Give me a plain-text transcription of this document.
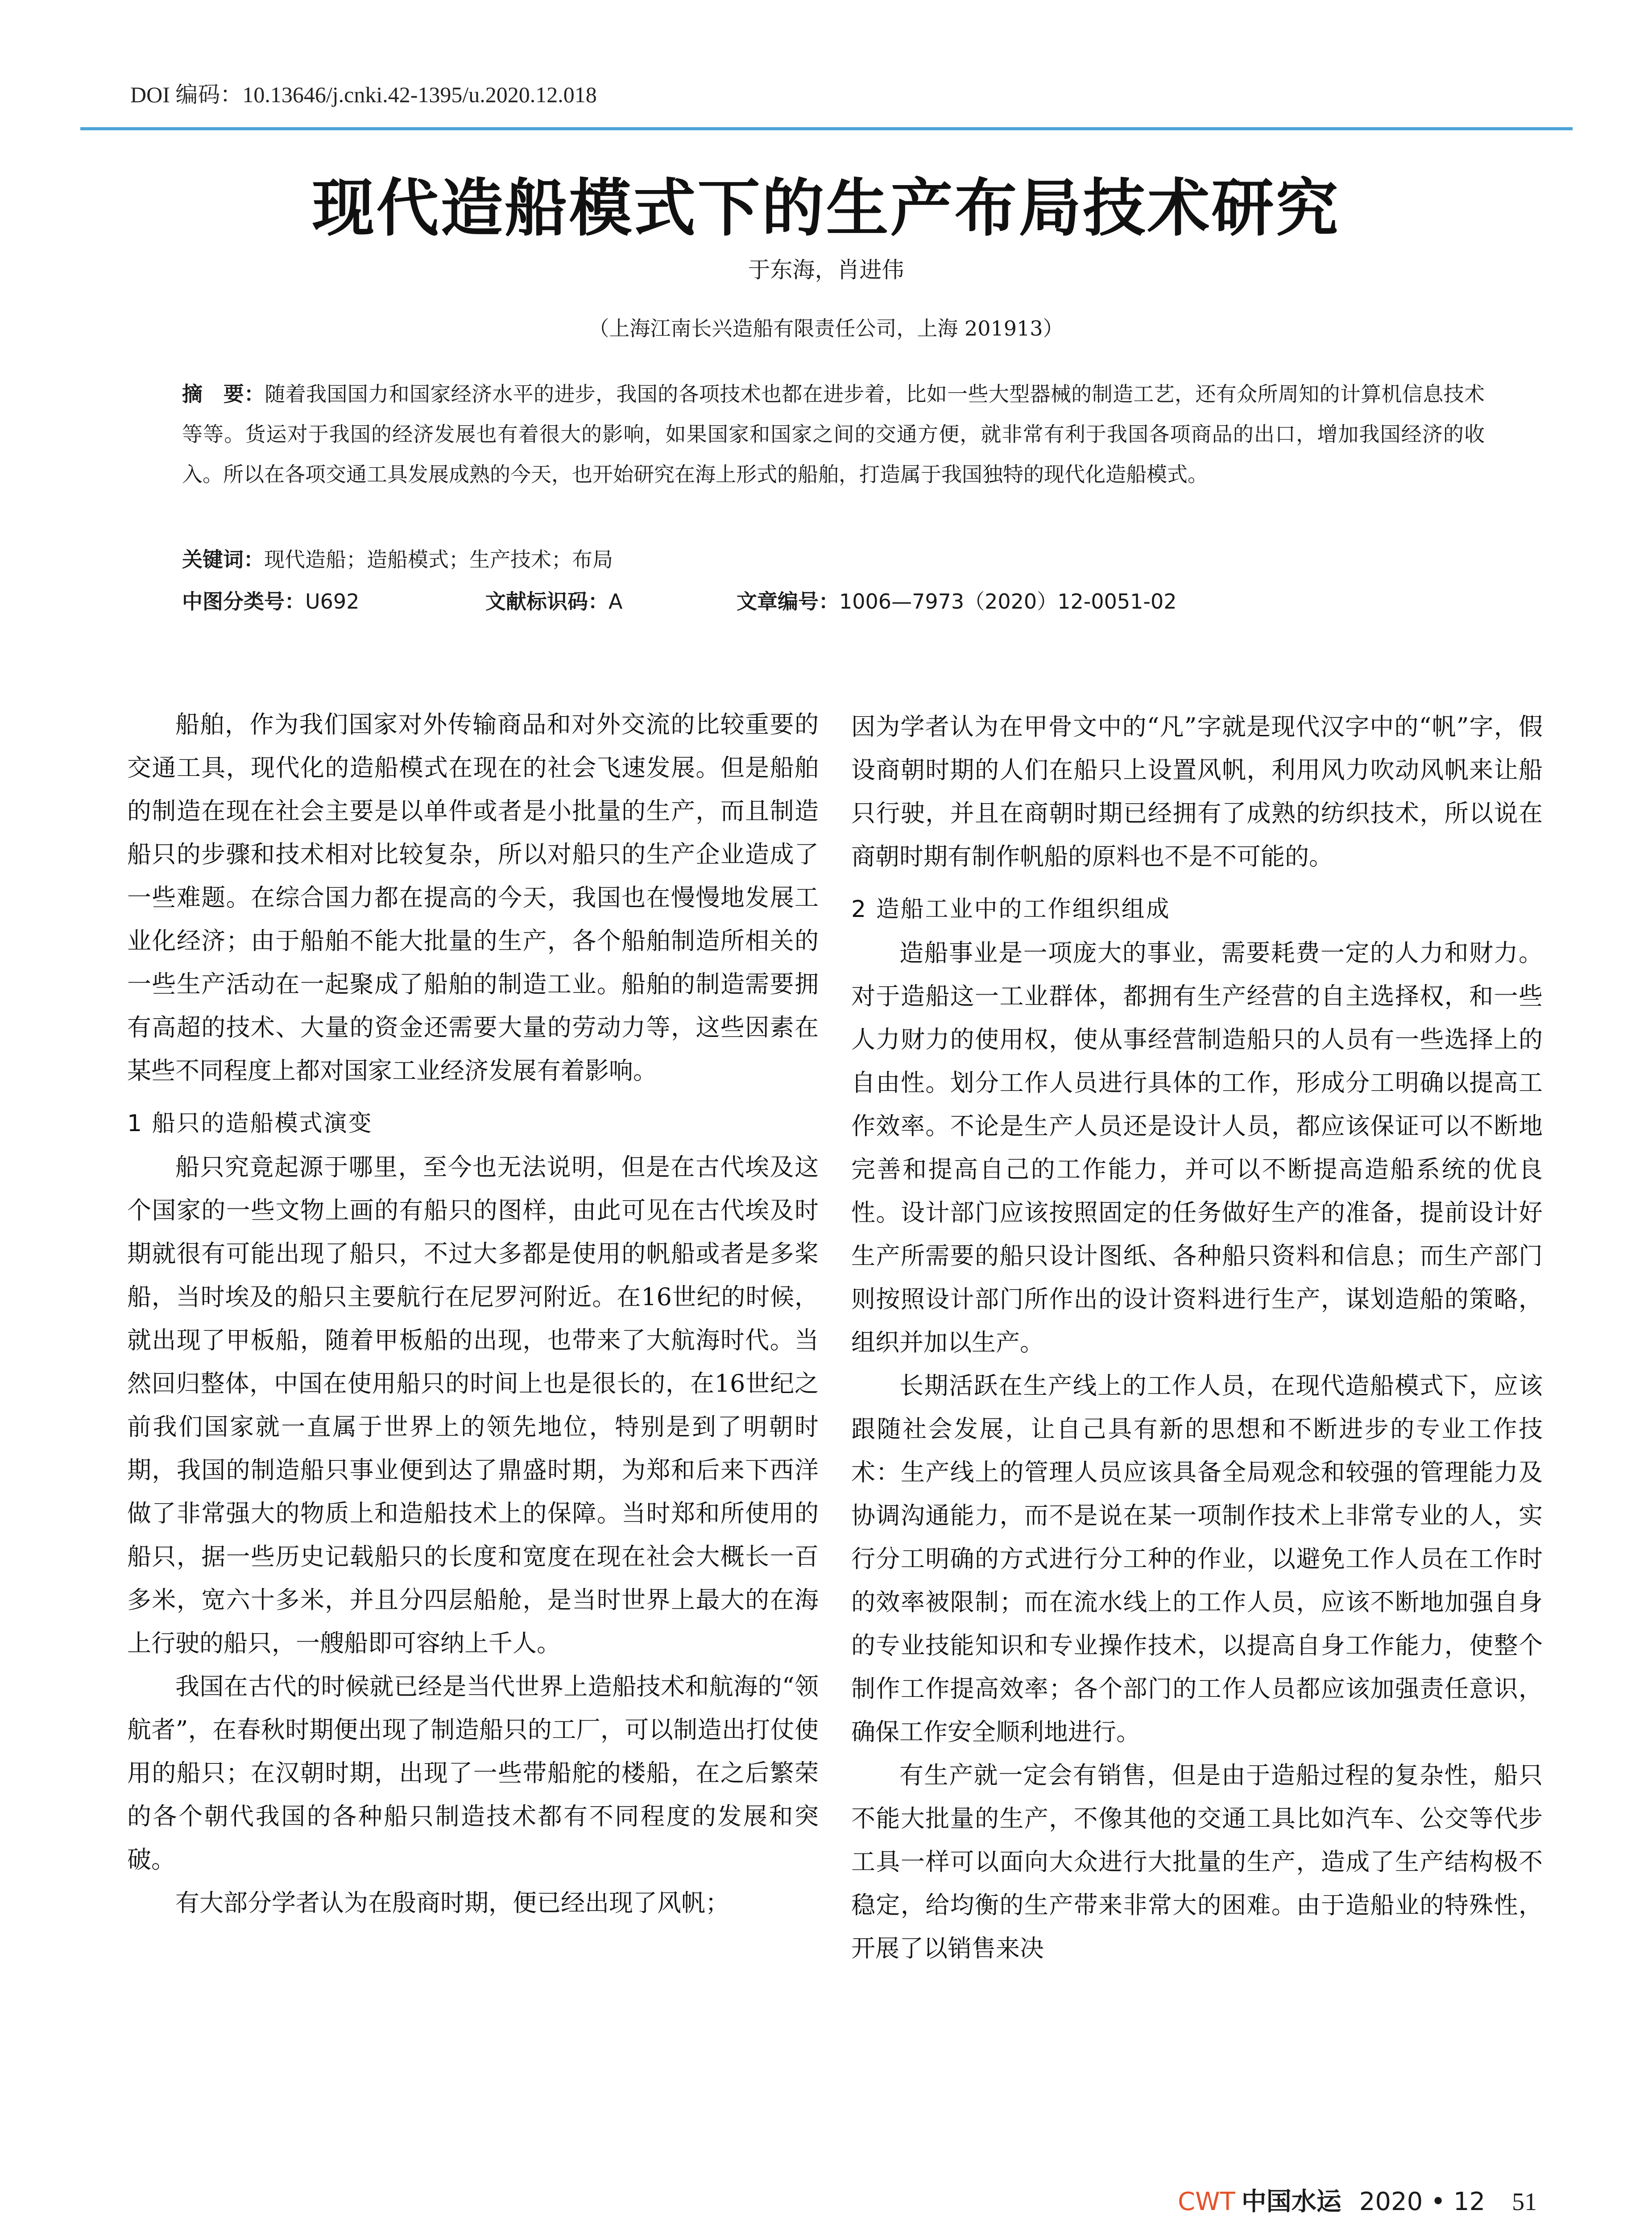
DOI 编码：10.13646/j.cnki.42-1395/u.2020.12.018
现代造船模式下的生产布局技术研究
于东海，肖进伟
（上海江南长兴造船有限责任公司，上海 201913）
摘　要：随着我国国力和国家经济水平的进步，我国的各项技术也都在进步着，比如一些大型器械的制造工艺，还有众所周知的计算机信息技术等等。货运对于我国的经济发展也有着很大的影响，如果国家和国家之间的交通方便，就非常有利于我国各项商品的出口，增加我国经济的收入。所以在各项交通工具发展成熟的今天，也开始研究在海上形式的船舶，打造属于我国独特的现代化造船模式。
关键词：现代造船；造船模式；生产技术；布局
中图分类号：U692	文献标识码：A	文章编号：1006—7973（2020）12-0051-02

船舶，作为我们国家对外传输商品和对外交流的比较重要的交通工具，现代化的造船模式在现在的社会飞速发展。但是船舶的制造在现在社会主要是以单件或者是小批量的生产，而且制造船只的步骤和技术相对比较复杂，所以对船只的生产企业造成了一些难题。在综合国力都在提高的今天，我国也在慢慢地发展工业化经济；由于船舶不能大批量的生产，各个船舶制造所相关的一些生产活动在一起聚成了船舶的制造工业。船舶的制造需要拥有高超的技术、大量的资金还需要大量的劳动力等，这些因素在某些不同程度上都对国家工业经济发展有着影响。

1 船只的造船模式演变

船只究竟起源于哪里，至今也无法说明，但是在古代埃及这个国家的一些文物上画的有船只的图样，由此可见在古代埃及时期就很有可能出现了船只，不过大多都是使用的帆船或者是多桨船，当时埃及的船只主要航行在尼罗河附近。在16世纪的时候，就出现了甲板船，随着甲板船的出现，也带来了大航海时代。当然回归整体，中国在使用船只的时间上也是很长的，在16世纪之前我们国家就一直属于世界上的领先地位，特别是到了明朝时期，我国的制造船只事业便到达了鼎盛时期，为郑和后来下西洋做了非常强大的物质上和造船技术上的保障。当时郑和所使用的船只，据一些历史记载船只的长度和宽度在现在社会大概长一百多米，宽六十多米，并且分四层船舱，是当时世界上最大的在海上行驶的船只，一艘船即可容纳上千人。

我国在古代的时候就已经是当代世界上造船技术和航海的“领航者”，在春秋时期便出现了制造船只的工厂，可以制造出打仗使用的船只；在汉朝时期，出现了一些带船舵的楼船，在之后繁荣的各个朝代我国的各种船只制造技术都有不同程度的发展和突破。

有大部分学者认为在殷商时期，便已经出现了风帆；

因为学者认为在甲骨文中的“凡”字就是现代汉字中的“帆”字，假设商朝时期的人们在船只上设置风帆，利用风力吹动风帆来让船只行驶，并且在商朝时期已经拥有了成熟的纺织技术，所以说在商朝时期有制作帆船的原料也不是不可能的。

2 造船工业中的工作组织组成

造船事业是一项庞大的事业，需要耗费一定的人力和财力。对于造船这一工业群体，都拥有生产经营的自主选择权，和一些人力财力的使用权，使从事经营制造船只的人员有一些选择上的自由性。划分工作人员进行具体的工作，形成分工明确以提高工作效率。不论是生产人员还是设计人员，都应该保证可以不断地完善和提高自己的工作能力，并可以不断提高造船系统的优良性。设计部门应该按照固定的任务做好生产的准备，提前设计好生产所需要的船只设计图纸、各种船只资料和信息；而生产部门则按照设计部门所作出的设计资料进行生产，谋划造船的策略，组织并加以生产。

长期活跃在生产线上的工作人员，在现代造船模式下，应该跟随社会发展，让自己具有新的思想和不断进步的专业工作技术：生产线上的管理人员应该具备全局观念和较强的管理能力及协调沟通能力，而不是说在某一项制作技术上非常专业的人，实行分工明确的方式进行分工种的作业，以避免工作人员在工作时的效率被限制；而在流水线上的工作人员，应该不断地加强自身的专业技能知识和专业操作技术，以提高自身工作能力，使整个制作工作提高效率；各个部门的工作人员都应该加强责任意识，确保工作安全顺利地进行。

有生产就一定会有销售，但是由于造船过程的复杂性，船只不能大批量的生产，不像其他的交通工具比如汽车、公交等代步工具一样可以面向大众进行大批量的生产，造成了生产结构极不稳定，给均衡的生产带来非常大的困难。由于造船业的特殊性，开展了以销售来决

CWT 中国水运 2020 • 12 51
